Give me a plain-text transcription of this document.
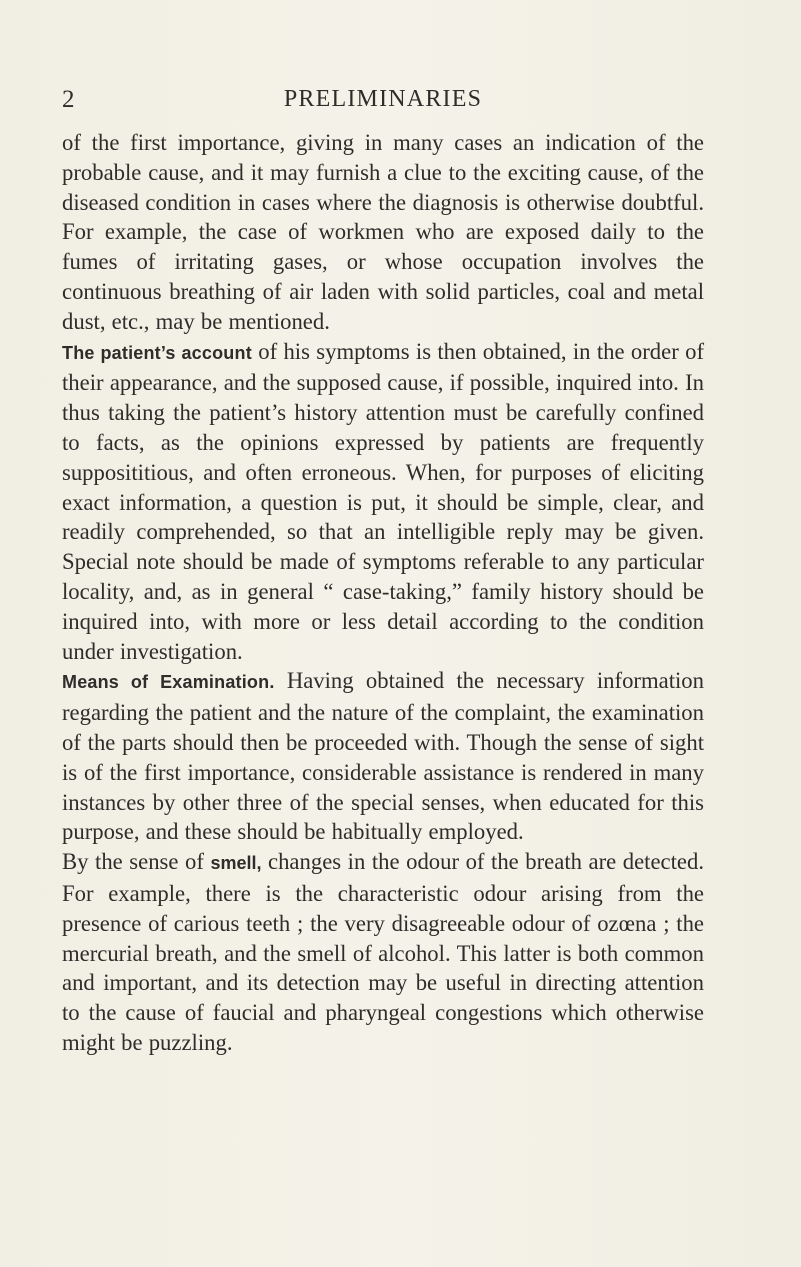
2	PRELIMINARIES

of the first importance, giving in many cases an indication of the probable cause, and it may furnish a clue to the exciting cause, of the diseased condition in cases where the diagnosis is otherwise doubtful. For example, the case of workmen who are exposed daily to the fumes of irritating gases, or whose occupation involves the continuous breathing of air laden with solid particles, coal and metal dust, etc., may be mentioned.

The patient’s account of his symptoms is then obtained, in the order of their appearance, and the supposed cause, if possible, inquired into. In thus taking the patient’s history attention must be carefully confined to facts, as the opinions expressed by patients are frequently supposititious, and often erroneous. When, for purposes of eliciting exact information, a question is put, it should be simple, clear, and readily comprehended, so that an intelligible reply may be given. Special note should be made of symptoms referable to any particular locality, and, as in general “ case-taking,” family history should be inquired into, with more or less detail according to the condition under investigation.

Means of Examination. Having obtained the necessary information regarding the patient and the nature of the complaint, the examination of the parts should then be proceeded with. Though the sense of sight is of the first importance, considerable assistance is rendered in many instances by other three of the special senses, when educated for this purpose, and these should be habitually employed.

By the sense of smell, changes in the odour of the breath are detected. For example, there is the characteristic odour arising from the presence of carious teeth ; the very disagreeable odour of ozœna ; the mercurial breath, and the smell of alcohol. This latter is both common and important, and its detection may be useful in directing attention to the cause of faucial and pharyngeal congestions which otherwise might be puzzling.
